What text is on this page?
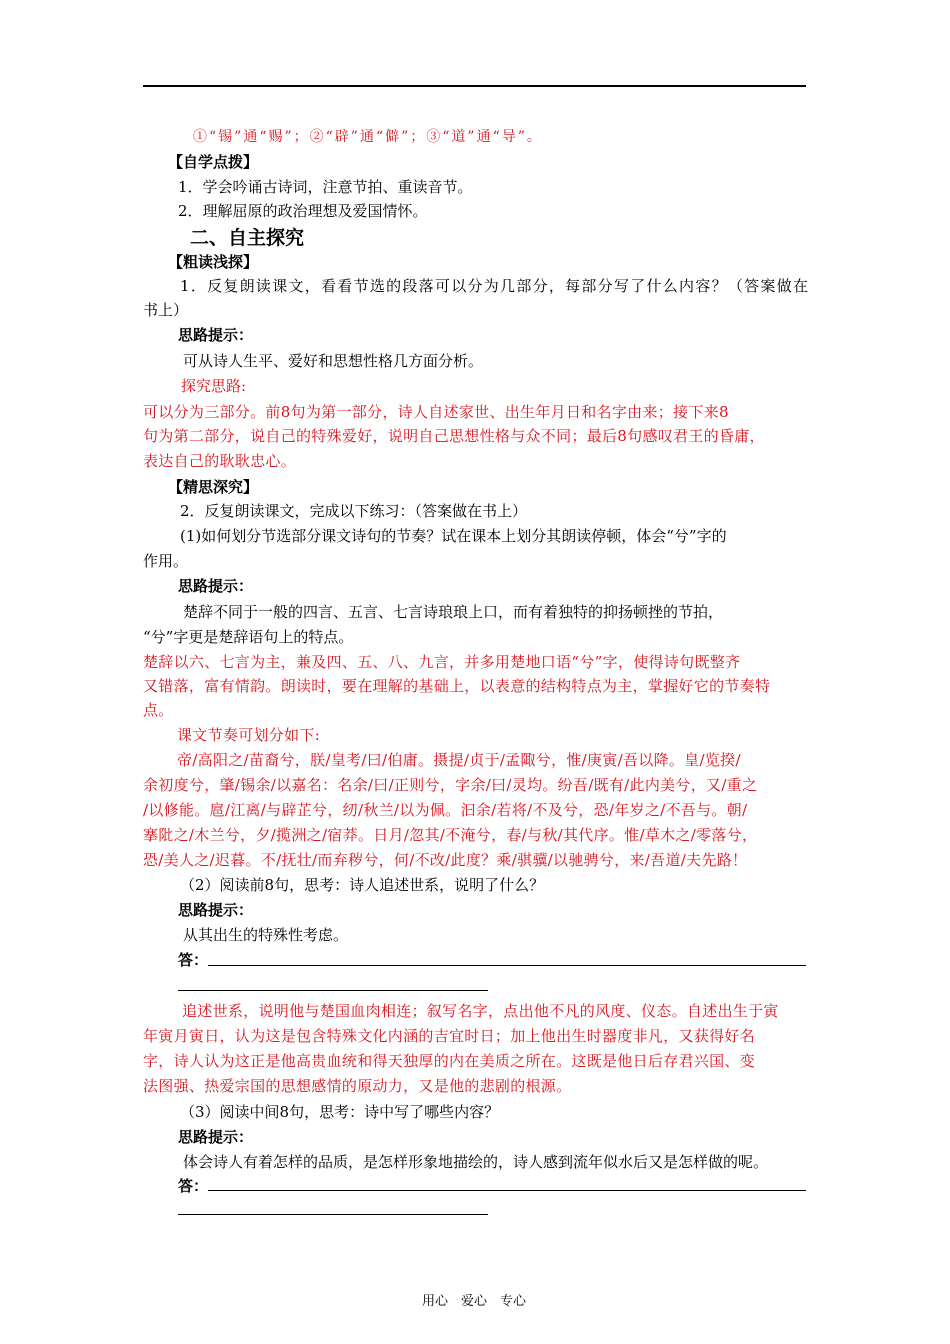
①“锡”通“赐”；②“辟”通“僻”；③“道”通“导”。
【自学点拨】
1．学会吟诵古诗词，注意节拍、重读音节。
2．理解屈原的政治理想及爱国情怀。
二、自主探究
【粗读浅探】
1．反复朗读课文，看看节选的段落可以分为几部分，每部分写了什么内容？（答案做在
书上）
思路提示：
可从诗人生平、爱好和思想性格几方面分析。
探究思路:
可以分为三部分。前8句为第一部分，诗人自述家世、出生年月日和名字由来；接下来8
句为第二部分，说自己的特殊爱好，说明自己思想性格与众不同；最后8句感叹君王的昏庸，
表达自己的耿耿忠心。
【精思深究】
2．反复朗读课文，完成以下练习：（答案做在书上）
(1)如何划分节选部分课文诗句的节奏？试在课本上划分其朗读停顿，体会“兮”字的
作用。
思路提示：
楚辞不同于一般的四言、五言、七言诗琅琅上口，而有着独特的抑扬顿挫的节拍，
“兮”字更是楚辞语句上的特点。
楚辞以六、七言为主，兼及四、五、八、九言，并多用楚地口语“兮”字，使得诗句既整齐
又错落，富有情韵。朗读时，要在理解的基础上，以表意的结构特点为主，掌握好它的节奏特
点。
课文节奏可划分如下:
帝/高阳之/苗裔兮，朕/皇考/曰/伯庸。摄提/贞于/孟陬兮，惟/庚寅/吾以降。皇/览揆/
余初度兮，肇/锡余/以嘉名：名余/曰/正则兮，字余/曰/灵均。纷吾/既有/此内美兮，又/重之
/以修能。扈/江离/与辟芷兮，纫/秋兰/以为佩。汩余/若将/不及兮，恐/年岁之/不吾与。朝/
搴阰之/木兰兮，夕/揽洲之/宿莽。日月/忽其/不淹兮，春/与秋/其代序。惟/草木之/零落兮，
恐/美人之/迟暮。不/抚壮/而弃秽兮，何/不改/此度？乘/骐骥/以驰骋兮，来/吾道/夫先路！
（2）阅读前8句，思考：诗人追述世系，说明了什么？
思路提示：
从其出生的特殊性考虑。
答：
追述世系，说明他与楚国血肉相连；叙写名字，点出他不凡的风度、仪态。自述出生于寅
年寅月寅日，认为这是包含特殊文化内涵的吉宜时日；加上他出生时器度非凡，又获得好名
字，诗人认为这正是他高贵血统和得天独厚的内在美质之所在。这既是他日后存君兴国、变
法图强、热爱宗国的思想感情的原动力，又是他的悲剧的根源。
（3）阅读中间8句，思考：诗中写了哪些内容？
思路提示：
体会诗人有着怎样的品质，是怎样形象地描绘的，诗人感到流年似水后又是怎样做的呢。
答：
用心　爱心　专心
